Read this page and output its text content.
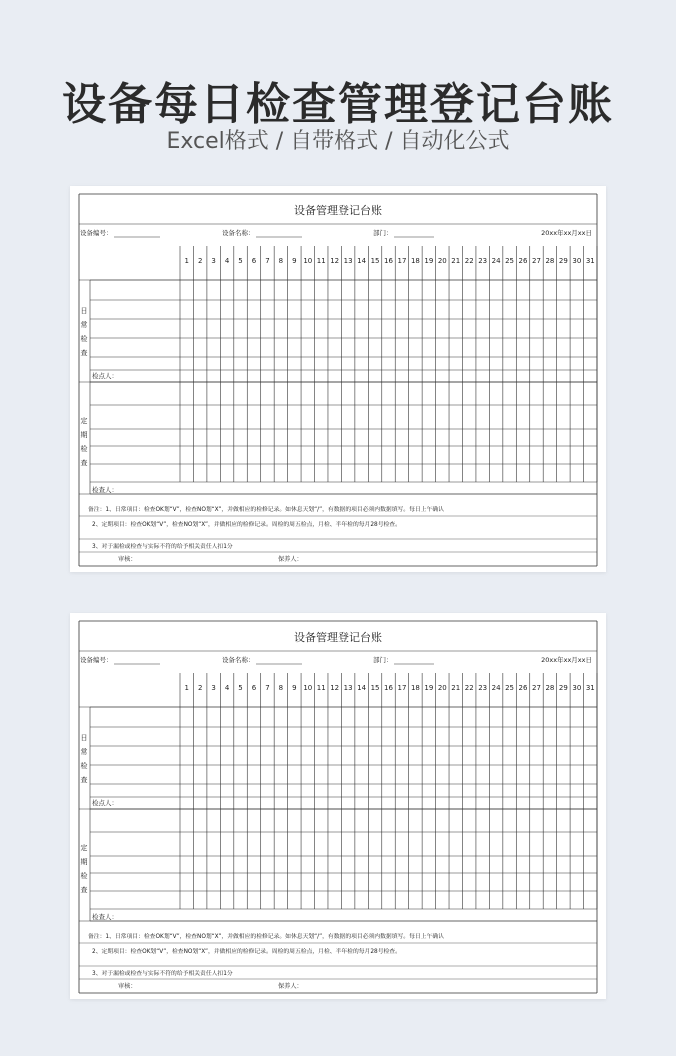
设备每日检查管理登记台账
Excel格式 / 自带格式 / 自动化公式
设备管理登记台账
设备编号：	设备名称：	部门：	20xx年xx月xx日
1 2 3 4 5 6 7 8 9 10 11 12 13 14 15 16 17 18 19 20 21 22 23 24 25 26 27 28 29 30 31
日
常
检
查
定
期
检
查
检点人：
检查人：
备注：1、日常项目：检查OK划“V”，检查NO划“X”，并做相应的检修记录。如休息天划“/”，有数据的项目必须内数据填写。每日上午确认
2、定期项目：检查OK划“V”，检查NO划“X”，并做相应的检修记录。周检的周五检点，月检、半年检的每月28号检查。
3、对于漏检或检查与实际不符的给予相关责任人扣1分
审核：	保养人：
设备管理登记台账
设备编号：	设备名称：	部门：	20xx年xx月xx日
1 2 3 4 5 6 7 8 9 10 11 12 13 14 15 16 17 18 19 20 21 22 23 24 25 26 27 28 29 30 31
日
常
检
查
定
期
检
查
检点人：
检查人：
备注：1、日常项目：检查OK划“V”，检查NO划“X”，并做相应的检修记录。如休息天划“/”，有数据的项目必须内数据填写。每日上午确认
2、定期项目：检查OK划“V”，检查NO划“X”，并做相应的检修记录。周检的周五检点，月检、半年检的每月28号检查。
3、对于漏检或检查与实际不符的给予相关责任人扣1分
审核：	保养人：
